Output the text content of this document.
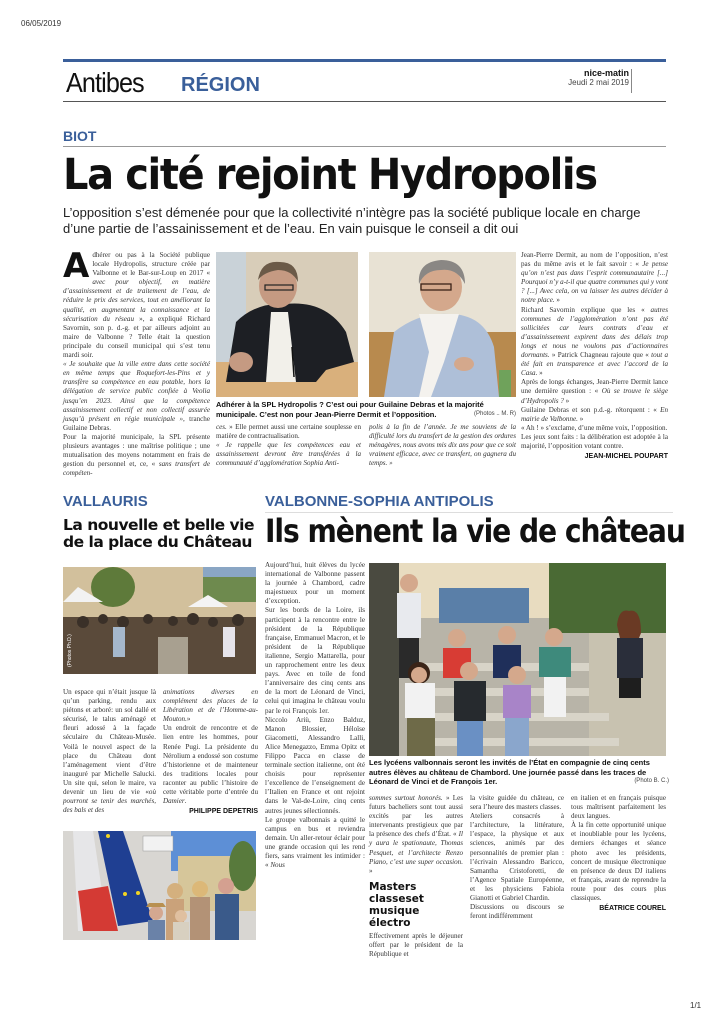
06/05/2019
Antibes RÉGION
nice-matin
Jeudi 2 mai 2019
BIOT
La cité rejoint Hydropolis
L’opposition s’est démenée pour que la collectivité n’intègre pas la société publique locale en charge d’une partie de l’assainissement et de l’eau. En vain puisque le conseil a dit oui

Adhérer ou pas à la Société publique locale Hydropolis, structure créée par Valbonne et le Bar-sur-Loup en 2017 « avec pour objectif, en matière d’assainissement et de traitement de l’eau, de réduire le prix des services, tout en améliorant la qualité, en augmentant la connaissance et la sécurisation du réseau », a expliqué Richard Savornin, son p. d.-g. et par ailleurs adjoint au maire de Valbonne ? Telle était la question principale du conseil municipal qui s’est tenu mardi soir.

« Je souhaite que la ville entre dans cette société en même temps que Roquefort-les-Pins et y transfère sa compétence en eau potable, hors la délégation de service public confiée à Veolia jusqu’en 2023. Ainsi que la compétence assainissement collectif et non collectif assurée jusqu’à présent en régie municipale », tranche Guilaine Debras.

Pour la majorité municipale, la SPL présente plusieurs avantages : une maîtrise politique ; une mutualisation des moyens notamment en frais de gestion du personnel et, ce, « sans transfert de compéten-

Adhérer à la SPL Hydropolis ? C’est oui pour Guilaine Debras et la majorité municipale. C’est non pour Jean-Pierre Dermit et l’opposition.	(Photos .. M. R)

ces. » Elle permet aussi une certaine souplesse en matière de contractualisation.

« Je rappelle que les compétences eau et assainissement devront être transférées à la communauté d’agglomération Sophia Anti-

polis à la fin de l’année. Je me souviens de la difficulté lors du transfert de la gestion des ordures ménagères, nous avons mis dix ans pour que ce soit vraiment efficace, avec ce transfert, on gagnera du temps. »

Jean-Pierre Dermit, au nom de l’opposition, n’est pas du même avis et le fait savoir : « Je pense qu’on n’est pas dans l’esprit communautaire [...] Pourquoi n’y a-t-il que quatre communes qui y vont ? [...] Avec cela, on va laisser les autres décider à notre place. »

Richard Savornin explique que les « autres communes de l’agglomération n’ont pas été sollicitées car leurs contrats d’eau et d’assainissement expirent dans des délais trop longs et nous ne voulons pas d’actionnaires dormants. » Patrick Chagneau rajoute que « tout a été fait en transparence et avec l’accord de la Casa. »

Après de longs échanges, Jean-Pierre Dermit lance une dernière question : « Où se trouve le siège d’Hydropolis ? »

Guilaine Debras et son p.d.-g. rétorquent : « En mairie de Valbonne. »

« Ah ! » s’exclame, d’une même voix, l’opposition.

Les jeux sont faits : la délibération est adoptée à la majorité, l’opposition votant contre.

JEAN-MICHEL POUPART
VALLAURIS
La nouvelle et belle vie de la place du Château
(Photos Ph.D.)

Un espace qui n’était jusque là qu’un parking, rendu aux piétons et arboré: un sol dallé et sécurisé, le talus aménagé et fleuri adossé à la façade séculaire du Château-Musée. Voilà le nouvel aspect de la place du Château dont l’aménagement vient d’être inauguré par Michelle Salucki. Un site qui, selon le maire, va devenir un lieu de vie «où pourront se tenir des marchés, des bals et des

animations diverses en complément des places de la Libération et de l’Homme-au-Mouton.»

Un endroit de rencontre et de lien entre les hommes, pour Renée Pugi. La présidente du Nérolium a endossé son costume d’historienne et de mainteneur des traditions locales pour raconter au public l’histoire de cette véritable porte d’entrée du Damier.

PHILIPPE DEPETRIS
VALBONNE-SOPHIA ANTIPOLIS
Ils mènent la vie de château

Aujourd’hui, huit élèves du lycée international de Valbonne passent la journée à Chambord, cadre majestueux pour un moment d’exception.

Sur les bords de la Loire, ils participent à la rencontre entre le président de la République française, Emmanuel Macron, et le président de la République italienne, Sergio Mattarella, pour un rapprochement entre les deux pays. Avec en toile de fond l’anniversaire des cinq cents ans de la mort de Léonard de Vinci, celui qui imagina le château voulu par le roi François 1er.

Niccolo Ariù, Enzo Balduz, Manon Blossier, Héloïse Giacometti, Alessandro Lalli, Alice Menegazzo, Emma Opitz et Filippo Pacca en classe de terminale section italienne, ont été choisis pour représenter l’excellence de l’enseignement de l’Italien en France et ont rejoint dans le Val-de-Loire, cinq cents autres jeunes sélectionnés.

Le groupe valbonnais a quitté le campus en bus et reviendra demain. Un aller-retour éclair pour une grande occasion qui les rend fiers, sans vraiment les intimider : « Nous

Les lycéens valbonnais seront les invités de l’État en compagnie de cinq cents autres élèves au château de Chambord. Une journée passé dans les traces de Léonard de Vinci et de François 1er.	(Photo B. C.)

sommes surtout honorés. » Les futurs bacheliers sont tout aussi excités par les autres intervenants prestigieux que par la présence des chefs d’État. « Il y aura le spationaute, Thomas Pesquet, et l’architecte Renzo Piano, c’est une super occasion. »

Masters classeset musique électro

Effectivement après le déjeuner offert par le président de la République et

la visite guidée du château, ce sera l’heure des masters classes.

Ateliers consacrés à l’architecture, la littérature, l’espace, la physique et aux sciences, animés par des personnalités de premier plan : l’écrivain Alessandro Baricco, Samantha Cristoforetti, de l’Agence Spatiale Européenne, et les physiciens Fabiola Gianotti et Gabriel Chardin.

Discussions ou discours se feront indifféremment

en italien et en français puisque tous maîtrisent parfaitement les deux langues.

À la fin cette opportunité unique et inoubliable pour les lycéens, derniers échanges et séance photo avec les présidents, concert de musique électronique en présence de deux DJ italiens et français, avant de reprendre la route pour des cours plus classiques.

BÉATRICE COUREL
1/1
